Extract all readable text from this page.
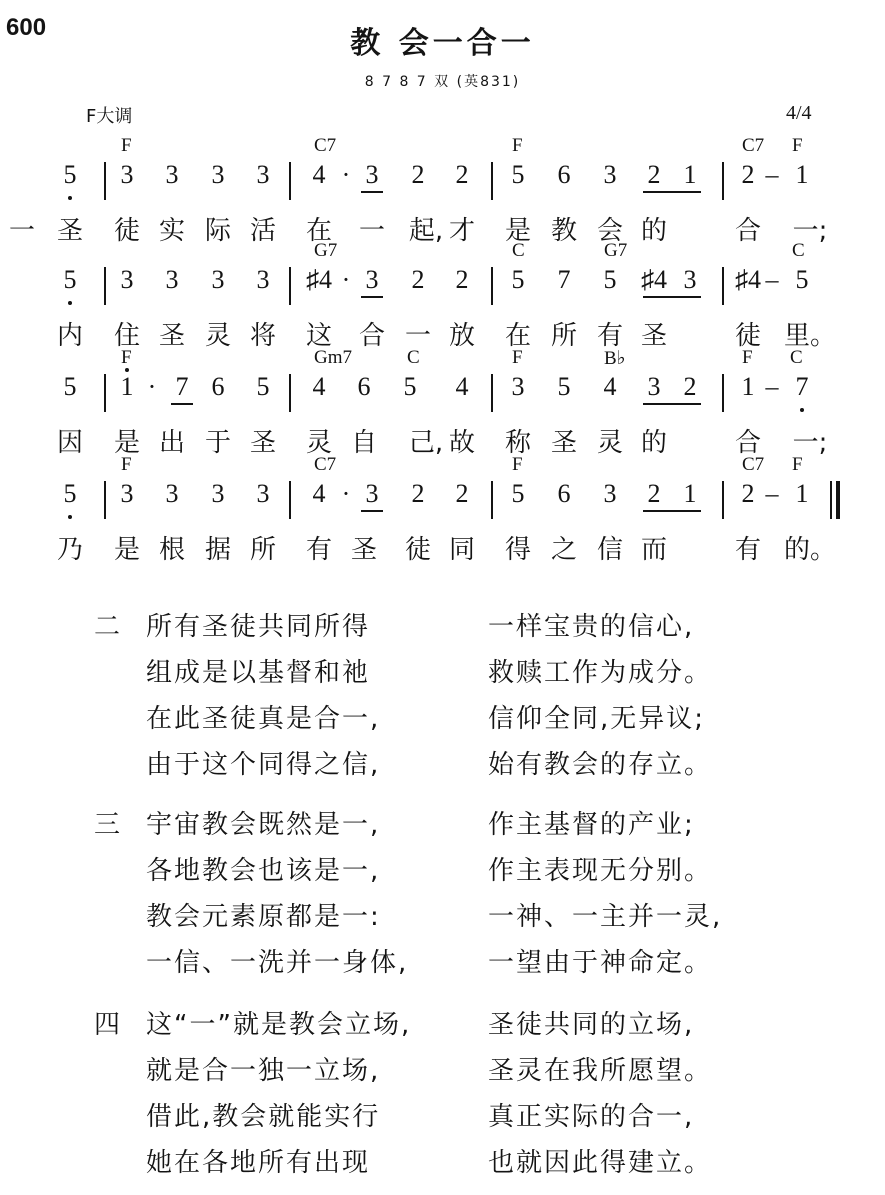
600	教 会一合一
8 7 8 7 双 (英831)
F大调	4/4
F	C7	F	C7 F
5 3 3 3 3 4 · 3 2 2 5 6 3 2 1 2 – 1
一 圣 徒 实 际 活 在 一 起, 才 是 教 会 的	合 一;
G7	C	G7	C
5 3 3 3 3 ♯4 · 3 2 2 5 7 5 ♯4 3 ♯4 – 5
内 住 圣 灵 将 这 合 一 放 在 所 有 圣	徒 里。
F	Gm7	C	F	B♭	F C
5 1 · 7 6 5 4 6 5 4 3 5 4 3 2 1 – 7
因 是 出 于 圣 灵 自 己, 故 称 圣 灵 的	合 一;
F	C7	F	C7 F
5 3 3 3 3 4 · 3 2 2 5 6 3 2 1 2 – 1
乃 是 根 据 所 有 圣 徒 同 得 之 信 而	有 的。
二 所有圣徒共同所得	一样宝贵的信心,
组成是以基督和祂	救赎工作为成分。
在此圣徒真是合一,	信仰全同,无异议;
由于这个同得之信,	始有教会的存立。
三 宇宙教会既然是一,	作主基督的产业;
各地教会也该是一,	作主表现无分别。
教会元素原都是一:	一神、一主并一灵,
一信、一洗并一身体,	一望由于神命定。
四 这“一”就是教会立场,	圣徒共同的立场,
就是合一独一立场,	圣灵在我所愿望。
借此,教会就能实行	真正实际的合一,
她在各地所有出现	也就因此得建立。
